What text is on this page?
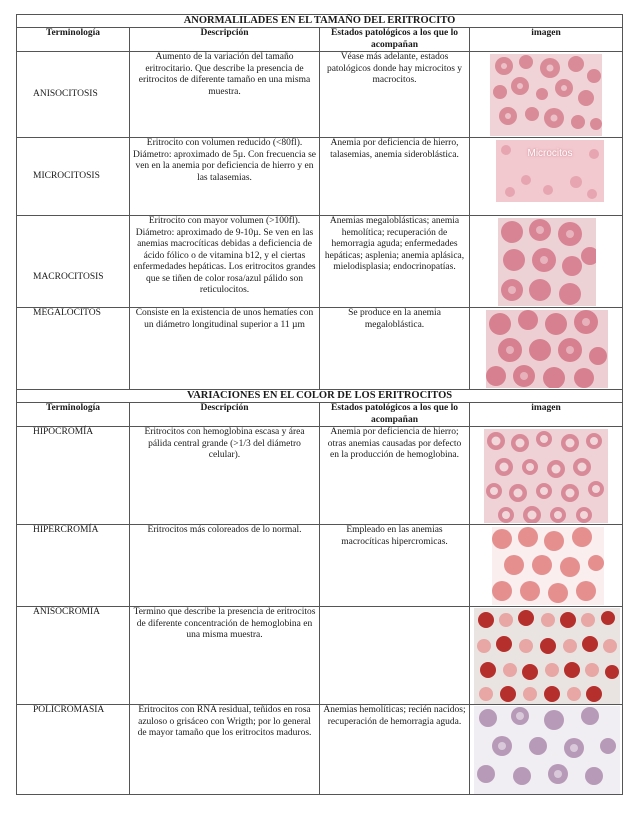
ANORMALILADES EN EL TAMAÑO DEL ERITROCITO			
Terminología	Descripción	Estados patológicos a los que lo acompañan	imagen
ANISOCITOSIS	Aumento de la variación del tamaño eritrocitario. Que describe la presencia de eritrocitos de diferente tamaño en una misma muestra.	Véase más adelante, estados patológicos donde hay microcitos y macrocitos.	

MICROCITOSIS	Eritrocito con volumen reducido (<80fl). Diámetro: aproximado de 5µ. Con frecuencia se ven en la anemia por deficiencia de hierro y en las talasemias.	Anemia por deficiencia de hierro, talasemias, anemia sideroblástica.	Microcitos

MACROCITOSIS	Eritrocito con mayor volumen (>100fl). Diámetro: aproximado de 9-10µ. Se ven en las anemias macrocíticas debidas a deficiencia de ácido fólico o de vitamina b12, y el ciertas enfermedades hepáticas. Los eritrocitos grandes que se tiñen de color rosa/azul pálido son reticulocitos.	Anemias megaloblásticas; anemia hemolítica; recuperación de hemorragia aguda; enfermedades hepáticas; asplenia; anemia aplásica, mielodisplasia; endocrinopatías.	

MEGALOCITOS	Consiste en la existencia de unos hematíes con un diámetro longitudinal superior a 11 µm	Se produce en la anemia megaloblástica.	

VARIACIONES EN EL COLOR DE LOS ERITROCITOS			
Terminología	Descripción	Estados patológicos a los que lo acompañan	imagen
HIPOCROMÍA	Eritrocitos con hemoglobina escasa y área pálida central grande (>1/3 del diámetro celular).	Anemia por deficiencia de hierro; otras anemias causadas por defecto en la producción de hemoglobina.	

HIPERCROMÍA	Eritrocitos más coloreados de lo normal.	Empleado en las anemias macrocíticas hipercromicas.	

ANISOCROMIA	Termino que describe la presencia de eritrocitos de diferente concentración de hemoglobina en una misma muestra.		

POLICROMASIA	Eritrocitos con RNA residual, teñidos en rosa azuloso o grisáceo con Wrigth; por lo general de mayor tamaño que los eritrocitos maduros.	Anemias hemolíticas; recién nacidos; recuperación de hemorragia aguda.	
